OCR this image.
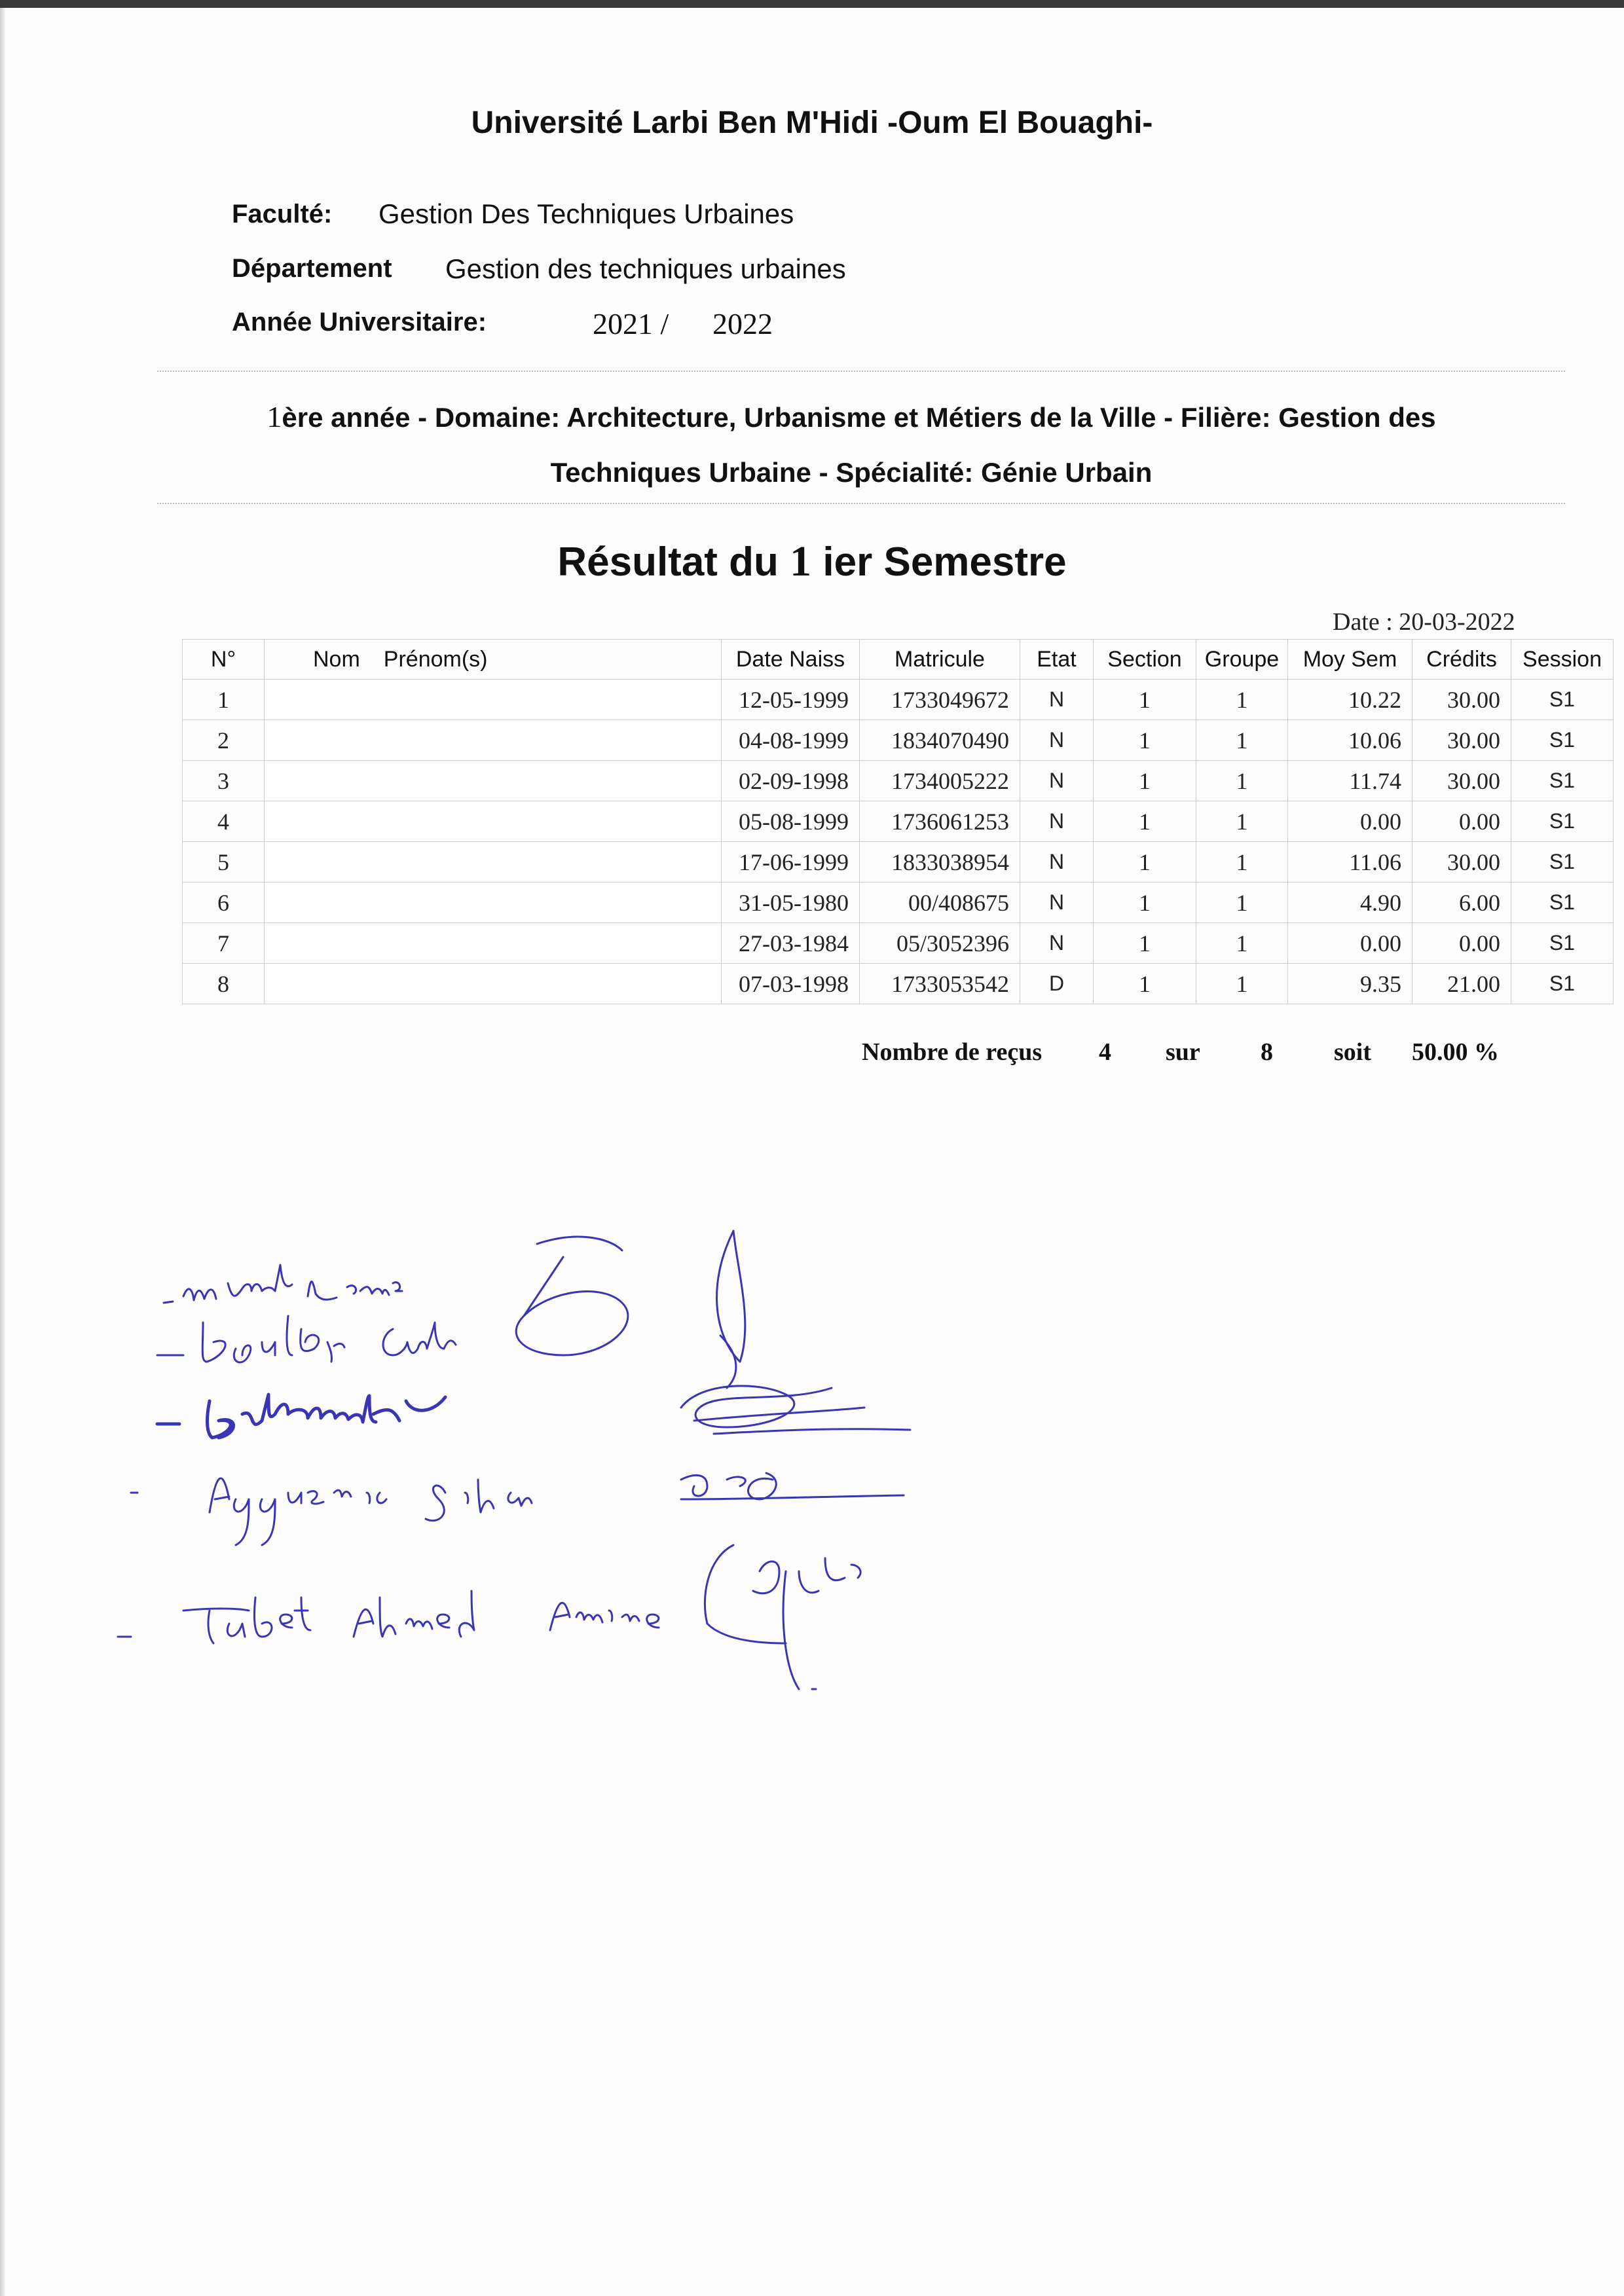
Université Larbi Ben M'Hidi -Oum El Bouaghi-
Faculté: Gestion Des Techniques Urbaines
Département Gestion des techniques urbaines
Année Universitaire:	2021 / 2022
1ère année - Domaine: Architecture, Urbanisme et Métiers de la Ville - Filière: Gestion des
Techniques Urbaine - Spécialité: Génie Urbain
Résultat du 1 ier Semestre
Date : 20-03-2022
N°	Nom Prénom(s)	Date Naiss	Matricule	Etat	Section	Groupe	Moy Sem	Crédits	Session
1		12-05-1999	1733049672	N	1	1	10.22	30.00	S1
2		04-08-1999	1834070490	N	1	1	10.06	30.00	S1
3		02-09-1998	1734005222	N	1	1	11.74	30.00	S1
4		05-08-1999	1736061253	N	1	1	0.00	0.00	S1
5		17-06-1999	1833038954	N	1	1	11.06	30.00	S1
6		31-05-1980	00/408675	N	1	1	4.90	6.00	S1
7		27-03-1984	05/3052396	N	1	1	0.00	0.00	S1
8		07-03-1998	1733053542	D	1	1	9.35	21.00	S1
Nombre de reçus 4 sur 8 soit 50.00 %
